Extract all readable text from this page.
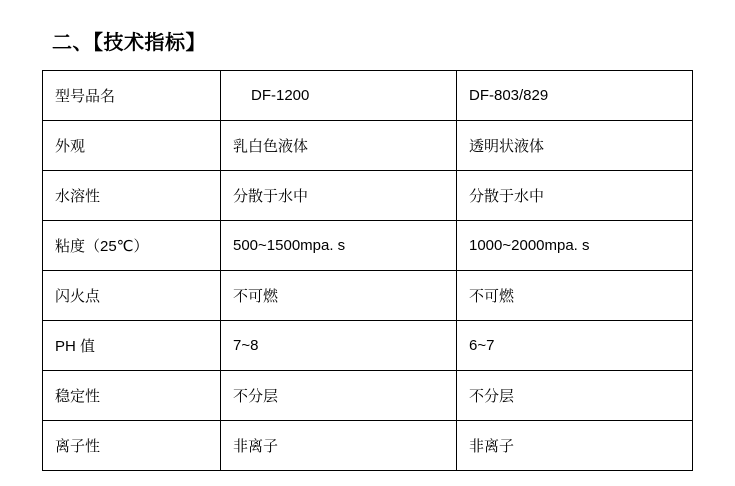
二、【技术指标】
型号品名	DF-1200	DF-803/829
外观	乳白色液体	透明状液体
水溶性	分散于水中	分散于水中
粘度（25℃）	500~1500mpa. s	1000~2000mpa. s
闪火点	不可燃	不可燃
PH 值	7~8	6~7
稳定性	不分层	不分层
离子性	非离子	非离子
